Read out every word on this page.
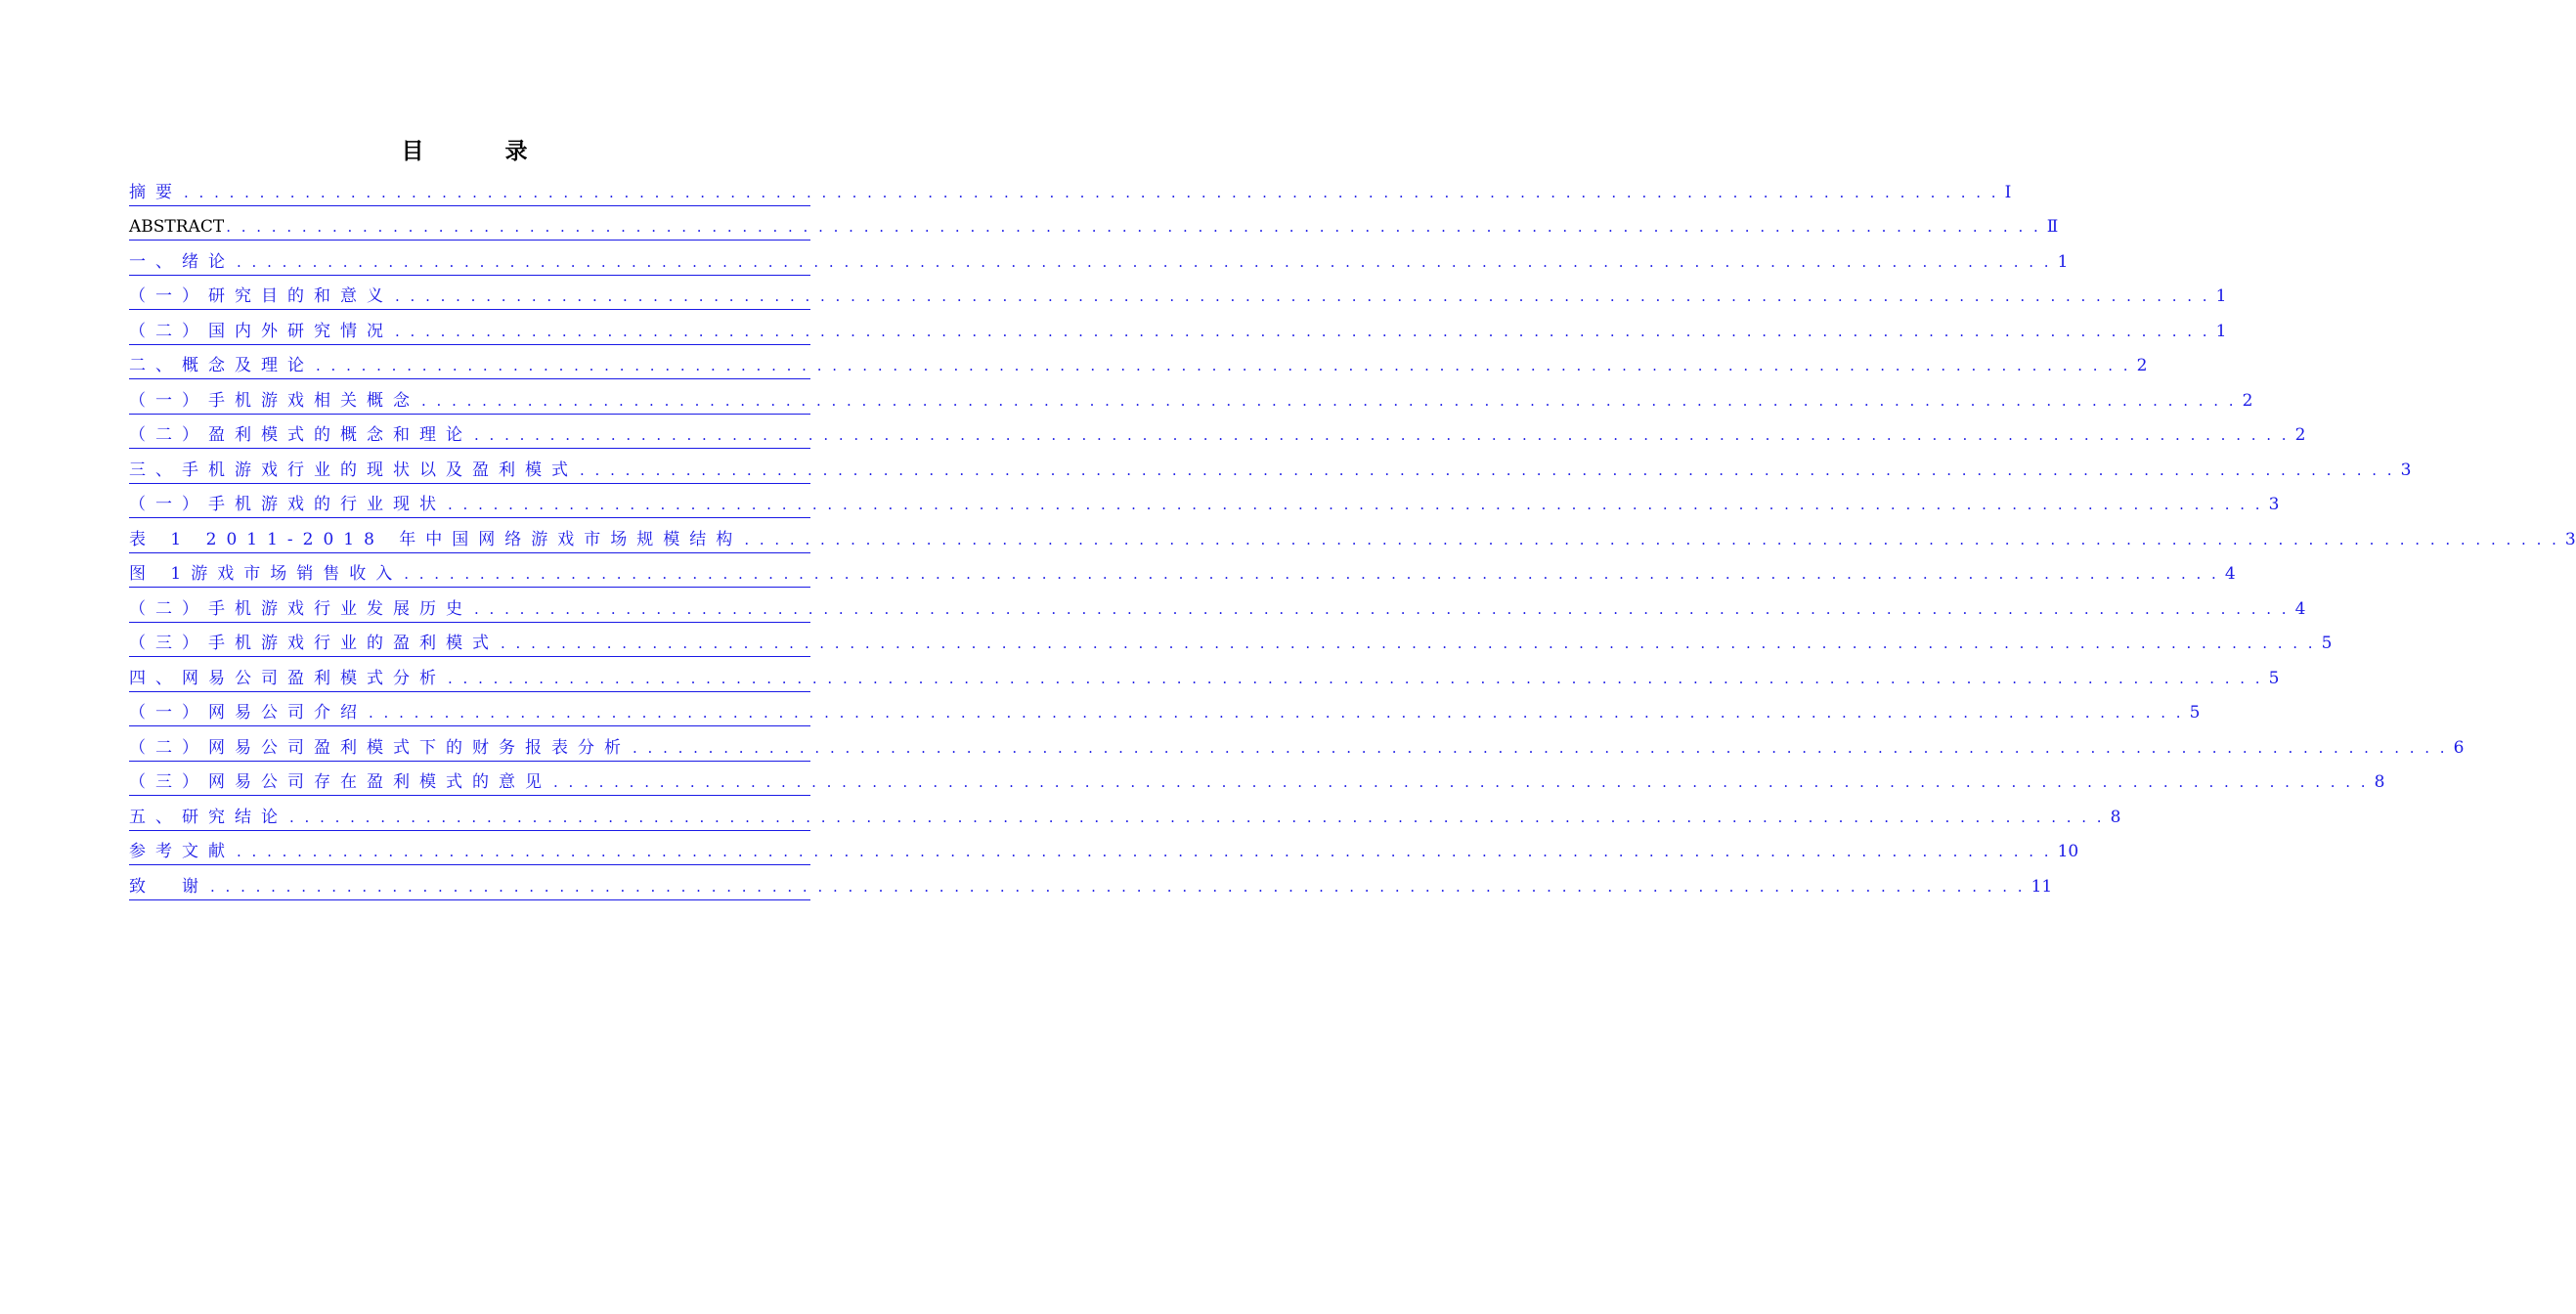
目　录
摘要 . . . . . . . . . . . . . . . . . . . . . . . . . . . . . . . . . . . . . . . . . . . . . . . . . . . . . . . . . . . . . . . . . . . . . . . . . . . . . . . . . . . . . . . . . . . . . . . . . . . . . . . . . . . . . . . . . . . . . . . . Ⅰ
ABSTRACT . . . . . . . . . . . . . . . . . . . . . . . . . . . . . . . . . . . . . . . . . . . . . . . . . . . . . . . . . . . . . . . . . . . . . . . . . . . . . . . . . . . . . . . . . . . . . . . . . . . . . . . . . . . . . . . . . . . . . . . . Ⅱ
一、绪论 . . . . . . . . . . . . . . . . . . . . . . . . . . . . . . . . . . . . . . . . . . . . . . . . . . . . . . . . . . . . . . . . . . . . . . . . . . . . . . . . . . . . . . . . . . . . . . . . . . . . . . . . . . . . . . . . . . . . . . . . 1
（一）研究目的和意义 . . . . . . . . . . . . . . . . . . . . . . . . . . . . . . . . . . . . . . . . . . . . . . . . . . . . . . . . . . . . . . . . . . . . . . . . . . . . . . . . . . . . . . . . . . . . . . . . . . . . . . . . . . . . . . . . . . . . . . . . 1
（二）国内外研究情况 . . . . . . . . . . . . . . . . . . . . . . . . . . . . . . . . . . . . . . . . . . . . . . . . . . . . . . . . . . . . . . . . . . . . . . . . . . . . . . . . . . . . . . . . . . . . . . . . . . . . . . . . . . . . . . . . . . . . . . . . 1
二、概念及理论 . . . . . . . . . . . . . . . . . . . . . . . . . . . . . . . . . . . . . . . . . . . . . . . . . . . . . . . . . . . . . . . . . . . . . . . . . . . . . . . . . . . . . . . . . . . . . . . . . . . . . . . . . . . . . . . . . . . . . . . . 2
（一）手机游戏相关概念 . . . . . . . . . . . . . . . . . . . . . . . . . . . . . . . . . . . . . . . . . . . . . . . . . . . . . . . . . . . . . . . . . . . . . . . . . . . . . . . . . . . . . . . . . . . . . . . . . . . . . . . . . . . . . . . . . . . . . . . . 2
（二）盈利模式的概念和理论 . . . . . . . . . . . . . . . . . . . . . . . . . . . . . . . . . . . . . . . . . . . . . . . . . . . . . . . . . . . . . . . . . . . . . . . . . . . . . . . . . . . . . . . . . . . . . . . . . . . . . . . . . . . . . . . . . . . . . . . . 2
三、手机游戏行业的现状以及盈利模式 . . . . . . . . . . . . . . . . . . . . . . . . . . . . . . . . . . . . . . . . . . . . . . . . . . . . . . . . . . . . . . . . . . . . . . . . . . . . . . . . . . . . . . . . . . . . . . . . . . . . . . . . . . . . . . . . . . . . . . . . 3
（一）手机游戏的行业现状 . . . . . . . . . . . . . . . . . . . . . . . . . . . . . . . . . . . . . . . . . . . . . . . . . . . . . . . . . . . . . . . . . . . . . . . . . . . . . . . . . . . . . . . . . . . . . . . . . . . . . . . . . . . . . . . . . . . . . . . . 3
表 1 2011-2018 年中国网络游戏市场规模结构 . . . . . . . . . . . . . . . . . . . . . . . . . . . . . . . . . . . . . . . . . . . . . . . . . . . . . . . . . . . . . . . . . . . . . . . . . . . . . . . . . . . . . . . . . . . . . . . . . . . . . . . . . . . . . . . . . . . . . . . . 3
图 1游戏市场销售收入 . . . . . . . . . . . . . . . . . . . . . . . . . . . . . . . . . . . . . . . . . . . . . . . . . . . . . . . . . . . . . . . . . . . . . . . . . . . . . . . . . . . . . . . . . . . . . . . . . . . . . . . . . . . . . . . . . . . . . . . . 4
（二）手机游戏行业发展历史 . . . . . . . . . . . . . . . . . . . . . . . . . . . . . . . . . . . . . . . . . . . . . . . . . . . . . . . . . . . . . . . . . . . . . . . . . . . . . . . . . . . . . . . . . . . . . . . . . . . . . . . . . . . . . . . . . . . . . . . . 4
（三）手机游戏行业的盈利模式 . . . . . . . . . . . . . . . . . . . . . . . . . . . . . . . . . . . . . . . . . . . . . . . . . . . . . . . . . . . . . . . . . . . . . . . . . . . . . . . . . . . . . . . . . . . . . . . . . . . . . . . . . . . . . . . . . . . . . . . . 5
四、网易公司盈利模式分析 . . . . . . . . . . . . . . . . . . . . . . . . . . . . . . . . . . . . . . . . . . . . . . . . . . . . . . . . . . . . . . . . . . . . . . . . . . . . . . . . . . . . . . . . . . . . . . . . . . . . . . . . . . . . . . . . . . . . . . . . 5
（一）网易公司介绍 . . . . . . . . . . . . . . . . . . . . . . . . . . . . . . . . . . . . . . . . . . . . . . . . . . . . . . . . . . . . . . . . . . . . . . . . . . . . . . . . . . . . . . . . . . . . . . . . . . . . . . . . . . . . . . . . . . . . . . . . 5
（二）网易公司盈利模式下的财务报表分析 . . . . . . . . . . . . . . . . . . . . . . . . . . . . . . . . . . . . . . . . . . . . . . . . . . . . . . . . . . . . . . . . . . . . . . . . . . . . . . . . . . . . . . . . . . . . . . . . . . . . . . . . . . . . . . . . . . . . . . . . 6
（三）网易公司存在盈利模式的意见 . . . . . . . . . . . . . . . . . . . . . . . . . . . . . . . . . . . . . . . . . . . . . . . . . . . . . . . . . . . . . . . . . . . . . . . . . . . . . . . . . . . . . . . . . . . . . . . . . . . . . . . . . . . . . . . . . . . . . . . . 8
五、研究结论 . . . . . . . . . . . . . . . . . . . . . . . . . . . . . . . . . . . . . . . . . . . . . . . . . . . . . . . . . . . . . . . . . . . . . . . . . . . . . . . . . . . . . . . . . . . . . . . . . . . . . . . . . . . . . . . . . . . . . . . . 8
参考文献 . . . . . . . . . . . . . . . . . . . . . . . . . . . . . . . . . . . . . . . . . . . . . . . . . . . . . . . . . . . . . . . . . . . . . . . . . . . . . . . . . . . . . . . . . . . . . . . . . . . . . . . . . . . . . . . . . . . . . . . . 10
致　谢 . . . . . . . . . . . . . . . . . . . . . . . . . . . . . . . . . . . . . . . . . . . . . . . . . . . . . . . . . . . . . . . . . . . . . . . . . . . . . . . . . . . . . . . . . . . . . . . . . . . . . . . . . . . . . . . . . . . . . . . . 11
